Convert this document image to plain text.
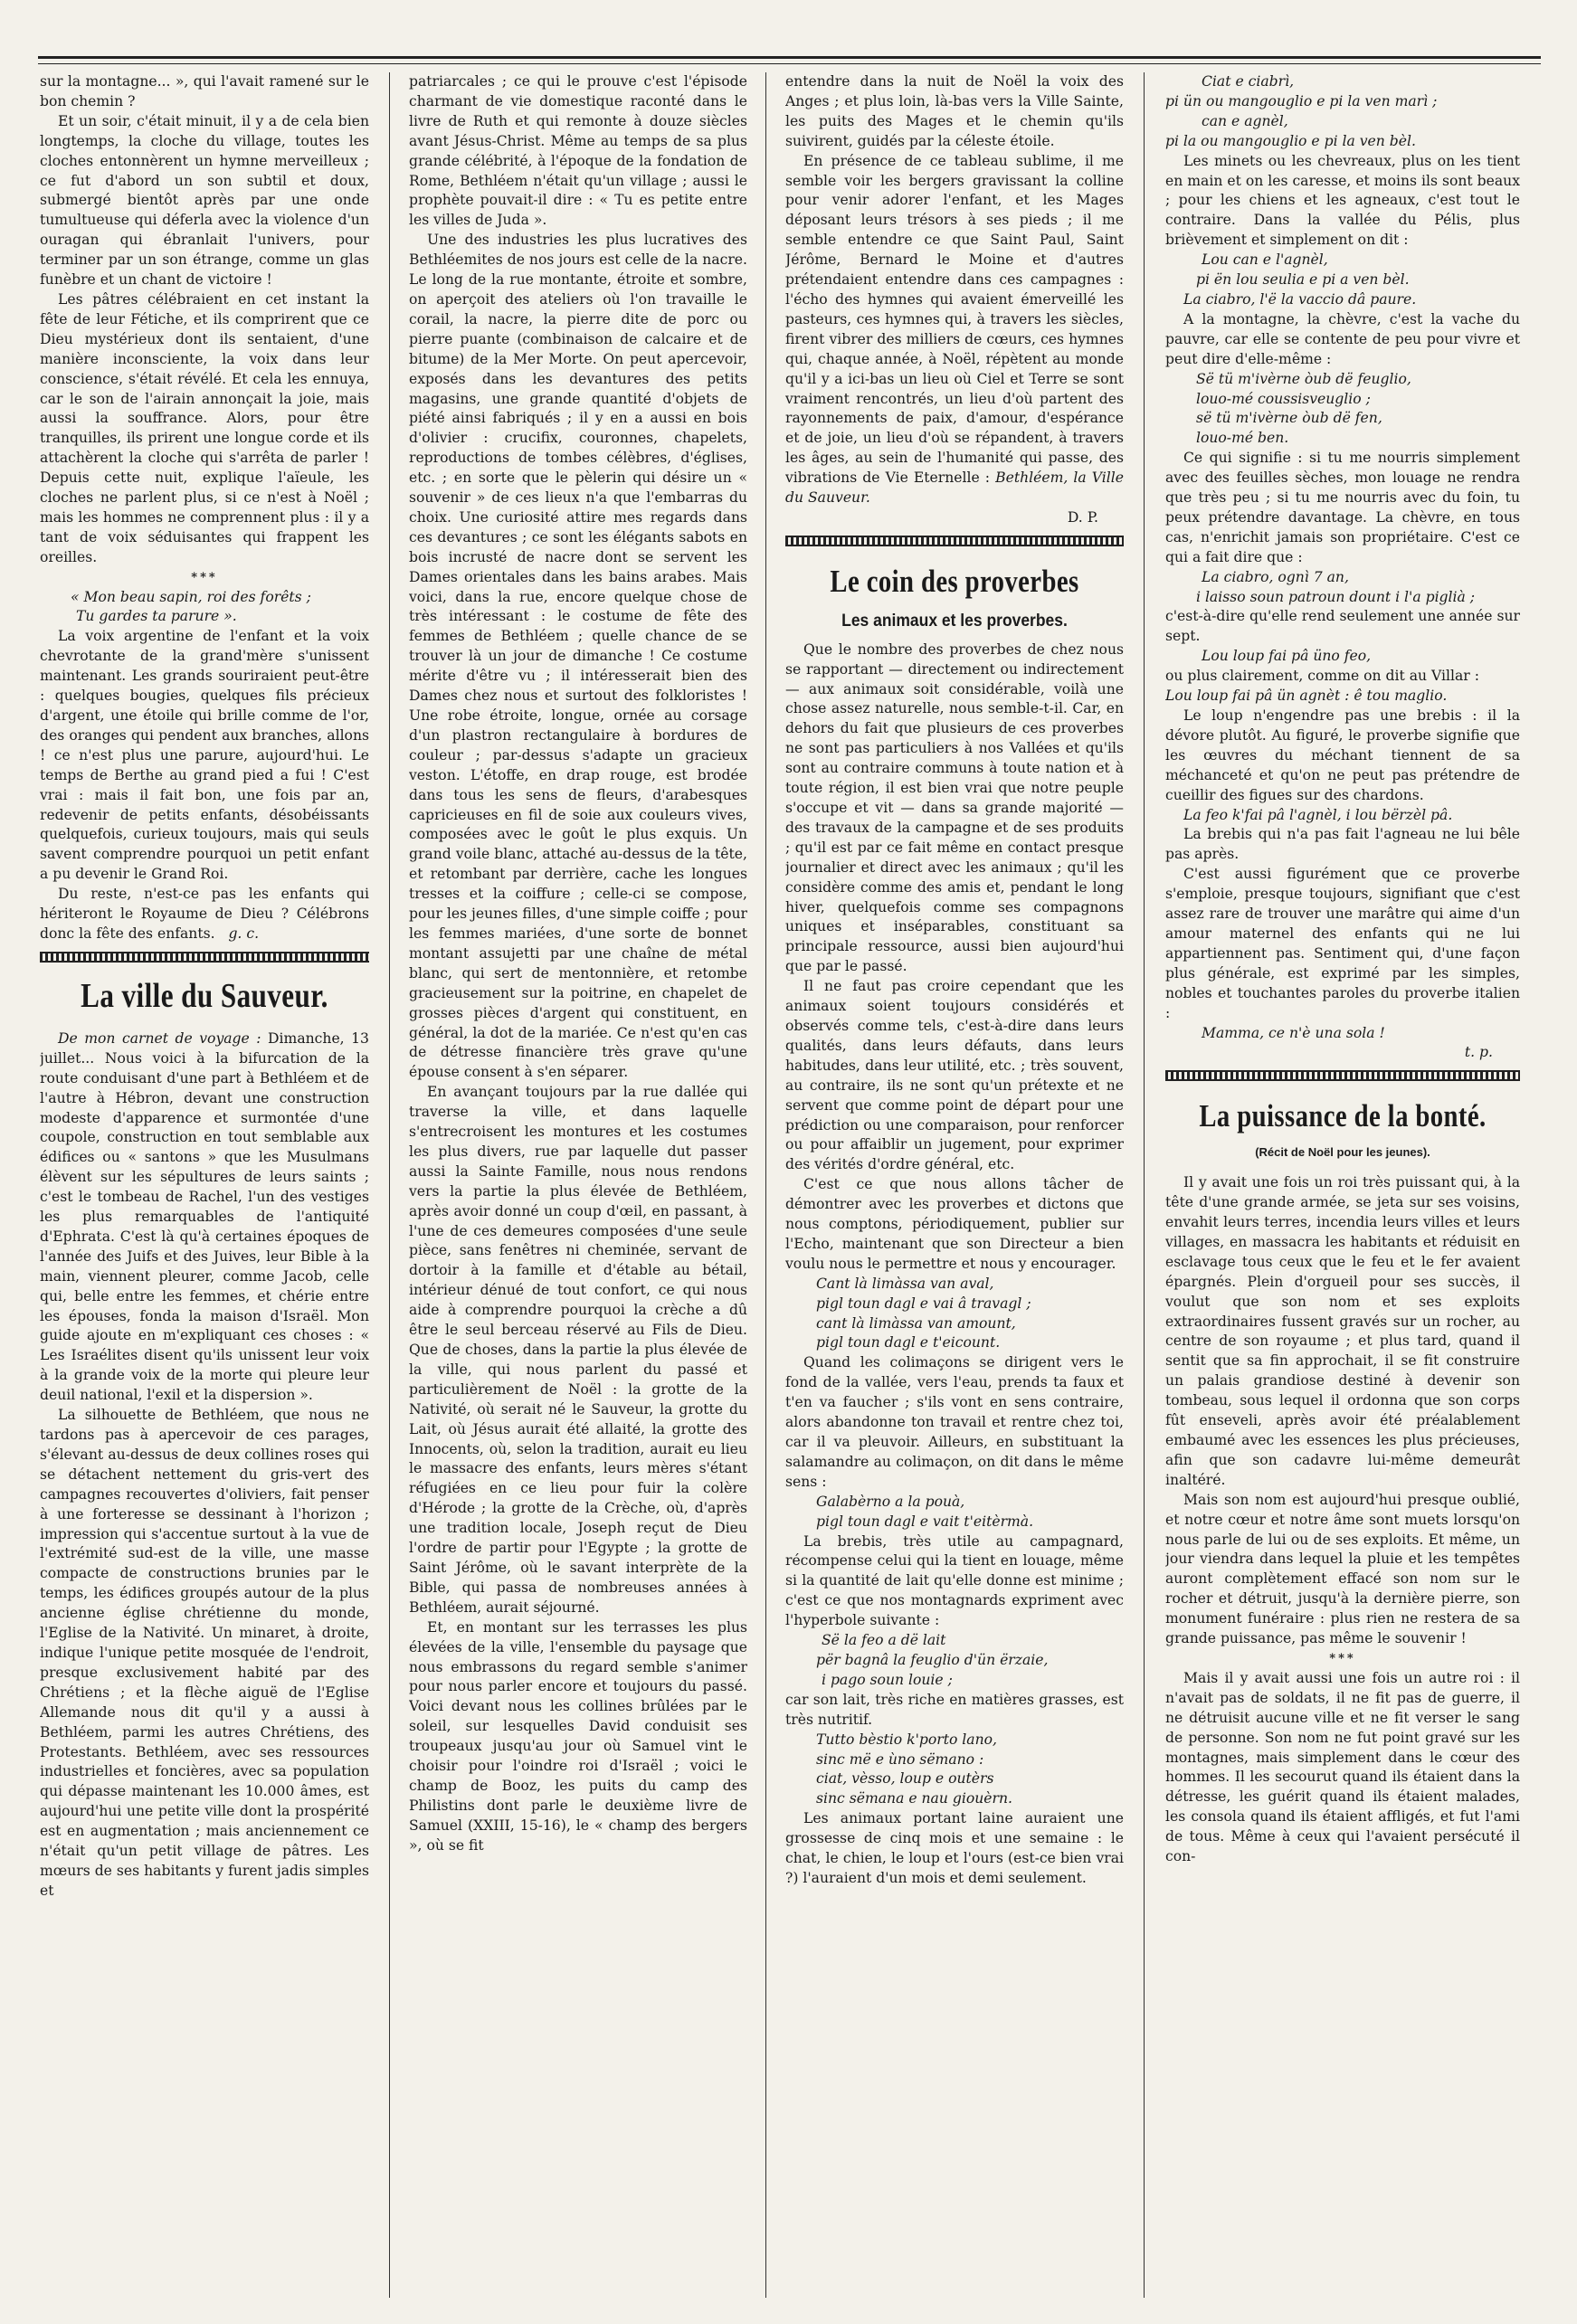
sur la montagne... », qui l'avait ramené sur le bon chemin ?

Et un soir, c'était minuit, il y a de cela bien longtemps, la cloche du village, toutes les cloches entonnèrent un hymne merveilleux ; ce fut d'abord un son subtil et doux, submergé bientôt après par une onde tumultueuse qui déferla avec la violence d'un ouragan qui ébranlait l'univers, pour terminer par un son étrange, comme un glas funèbre et un chant de victoire !

Les pâtres célébraient en cet instant la fête de leur Fétiche, et ils comprirent que ce Dieu mystérieux dont ils sentaient, d'une manière inconsciente, la voix dans leur conscience, s'était révélé. Et cela les ennuya, car le son de l'airain annonçait la joie, mais aussi la souffrance. Alors, pour être tranquilles, ils prirent une longue corde et ils attachèrent la cloche qui s'arrêta de parler ! Depuis cette nuit, explique l'aïeule, les cloches ne parlent plus, si ce n'est à Noël ; mais les hommes ne comprennent plus : il y a tant de voix séduisantes qui frappent les oreilles.

***

« Mon beau sapin, roi des forêts ;

Tu gardes ta parure ».

La voix argentine de l'enfant et la voix chevrotante de la grand'mère s'unissent maintenant. Les grands souriraient peut-être : quelques bougies, quelques fils précieux d'argent, une étoile qui brille comme de l'or, des oranges qui pendent aux branches, allons ! ce n'est plus une parure, aujourd'hui. Le temps de Berthe au grand pied a fui ! C'est vrai : mais il fait bon, une fois par an, redevenir de petits enfants, désobéissants quelquefois, curieux toujours, mais qui seuls savent comprendre pourquoi un petit enfant a pu devenir le Grand Roi.

Du reste, n'est-ce pas les enfants qui hériteront le Royaume de Dieu ? Célébrons donc la fête des enfants. g. c.

La ville du Sauveur.

De mon carnet de voyage : Dimanche, 13 juillet... Nous voici à la bifurcation de la route conduisant d'une part à Bethléem et de l'autre à Hébron, devant une construction modeste d'apparence et surmontée d'une coupole, construction en tout semblable aux édifices ou « santons » que les Musulmans élèvent sur les sépultures de leurs saints ; c'est le tombeau de Rachel, l'un des vestiges les plus remarquables de l'antiquité d'Ephrata. C'est là qu'à certaines époques de l'année des Juifs et des Juives, leur Bible à la main, viennent pleurer, comme Jacob, celle qui, belle entre les femmes, et chérie entre les épouses, fonda la maison d'Israël. Mon guide ajoute en m'expliquant ces choses : « Les Israélites disent qu'ils unissent leur voix à la grande voix de la morte qui pleure leur deuil national, l'exil et la dispersion ».

La silhouette de Bethléem, que nous ne tardons pas à apercevoir de ces parages, s'élevant au-dessus de deux collines roses qui se détachent nettement du gris-vert des campagnes recouvertes d'oliviers, fait penser à une forteresse se dessinant à l'horizon ; impression qui s'accentue surtout à la vue de l'extrémité sud-est de la ville, une masse compacte de constructions brunies par le temps, les édifices groupés autour de la plus ancienne église chrétienne du monde, l'Eglise de la Nativité. Un minaret, à droite, indique l'unique petite mosquée de l'endroit, presque exclusivement habité par des Chrétiens ; et la flèche aiguë de l'Eglise Allemande nous dit qu'il y a aussi à Bethléem, parmi les autres Chrétiens, des Protestants. Bethléem, avec ses ressources industrielles et foncières, avec sa population qui dépasse maintenant les 10.000 âmes, est aujourd'hui une petite ville dont la prospérité est en augmentation ; mais anciennement ce n'était qu'un petit village de pâtres. Les mœurs de ses habitants y furent jadis simples et

patriarcales ; ce qui le prouve c'est l'épisode charmant de vie domestique raconté dans le livre de Ruth et qui remonte à douze siècles avant Jésus-Christ. Même au temps de sa plus grande célébrité, à l'époque de la fondation de Rome, Bethléem n'était qu'un village ; aussi le prophète pouvait-il dire : « Tu es petite entre les villes de Juda ».

Une des industries les plus lucratives des Bethléemites de nos jours est celle de la nacre. Le long de la rue montante, étroite et sombre, on aperçoit des ateliers où l'on travaille le corail, la nacre, la pierre dite de porc ou pierre puante (combinaison de calcaire et de bitume) de la Mer Morte. On peut apercevoir, exposés dans les devantures des petits magasins, une grande quantité d'objets de piété ainsi fabriqués ; il y en a aussi en bois d'olivier : crucifix, couronnes, chapelets, reproductions de tombes célèbres, d'églises, etc. ; en sorte que le pèlerin qui désire un « souvenir » de ces lieux n'a que l'embarras du choix. Une curiosité attire mes regards dans ces devantures ; ce sont les élégants sabots en bois incrusté de nacre dont se servent les Dames orientales dans les bains arabes. Mais voici, dans la rue, encore quelque chose de très intéressant : le costume de fête des femmes de Bethléem ; quelle chance de se trouver là un jour de dimanche ! Ce costume mérite d'être vu ; il intéresserait bien des Dames chez nous et surtout des folkloristes ! Une robe étroite, longue, ornée au corsage d'un plastron rectangulaire à bordures de couleur ; par-dessus s'adapte un gracieux veston. L'étoffe, en drap rouge, est brodée dans tous les sens de fleurs, d'arabesques capricieuses en fil de soie aux couleurs vives, composées avec le goût le plus exquis. Un grand voile blanc, attaché au-dessus de la tête, et retombant par derrière, cache les longues tresses et la coiffure ; celle-ci se compose, pour les jeunes filles, d'une simple coiffe ; pour les femmes mariées, d'une sorte de bonnet montant assujetti par une chaîne de métal blanc, qui sert de mentonnière, et retombe gracieusement sur la poitrine, en chapelet de grosses pièces d'argent qui constituent, en général, la dot de la mariée. Ce n'est qu'en cas de détresse financière très grave qu'une épouse consent à s'en séparer.

En avançant toujours par la rue dallée qui traverse la ville, et dans laquelle s'entrecroisent les montures et les costumes les plus divers, rue par laquelle dut passer aussi la Sainte Famille, nous nous rendons vers la partie la plus élevée de Bethléem, après avoir donné un coup d'œil, en passant, à l'une de ces demeures composées d'une seule pièce, sans fenêtres ni cheminée, servant de dortoir à la famille et d'étable au bétail, intérieur dénué de tout confort, ce qui nous aide à comprendre pourquoi la crèche a dû être le seul berceau réservé au Fils de Dieu. Que de choses, dans la partie la plus élevée de la ville, qui nous parlent du passé et particulièrement de Noël : la grotte de la Nativité, où serait né le Sauveur, la grotte du Lait, où Jésus aurait été allaité, la grotte des Innocents, où, selon la tradition, aurait eu lieu le massacre des enfants, leurs mères s'étant réfugiées en ce lieu pour fuir la colère d'Hérode ; la grotte de la Crèche, où, d'après une tradition locale, Joseph reçut de Dieu l'ordre de partir pour l'Egypte ; la grotte de Saint Jérôme, où le savant interprète de la Bible, qui passa de nombreuses années à Bethléem, aurait séjourné.

Et, en montant sur les terrasses les plus élevées de la ville, l'ensemble du paysage que nous embrassons du regard semble s'animer pour nous parler encore et toujours du passé. Voici devant nous les collines brûlées par le soleil, sur lesquelles David conduisit ses troupeaux jusqu'au jour où Samuel vint le choisir pour l'oindre roi d'Israël ; voici le champ de Booz, les puits du camp des Philistins dont parle le deuxième livre de Samuel (XXIII, 15-16), le « champ des bergers », où se fit

entendre dans la nuit de Noël la voix des Anges ; et plus loin, là-bas vers la Ville Sainte, les puits des Mages et le chemin qu'ils suivirent, guidés par la céleste étoile.

En présence de ce tableau sublime, il me semble voir les bergers gravissant la colline pour venir adorer l'enfant, et les Mages déposant leurs trésors à ses pieds ; il me semble entendre ce que Saint Paul, Saint Jérôme, Bernard le Moine et d'autres prétendaient entendre dans ces campagnes : l'écho des hymnes qui avaient émerveillé les pasteurs, ces hymnes qui, à travers les siècles, firent vibrer des milliers de cœurs, ces hymnes qui, chaque année, à Noël, répètent au monde qu'il y a ici-bas un lieu où Ciel et Terre se sont vraiment rencontrés, un lieu d'où partent des rayonnements de paix, d'amour, d'espérance et de joie, un lieu d'où se répandent, à travers les âges, au sein de l'humanité qui passe, des vibrations de Vie Eternelle : Bethléem, la Ville du Sauveur.

D. P.

Le coin des proverbes
Les animaux et les proverbes.

Que le nombre des proverbes de chez nous se rapportant — directement ou indirectement — aux animaux soit considérable, voilà une chose assez naturelle, nous semble-t-il. Car, en dehors du fait que plusieurs de ces proverbes ne sont pas particuliers à nos Vallées et qu'ils sont au contraire communs à toute nation et à toute région, il est bien vrai que notre peuple s'occupe et vit — dans sa grande majorité — des travaux de la campagne et de ses produits ; qu'il est par ce fait même en contact presque journalier et direct avec les animaux ; qu'il les considère comme des amis et, pendant le long hiver, quelquefois comme ses compagnons uniques et inséparables, constituant sa principale ressource, aussi bien aujourd'hui que par le passé.

Il ne faut pas croire cependant que les animaux soient toujours considérés et observés comme tels, c'est-à-dire dans leurs qualités, dans leurs défauts, dans leurs habitudes, dans leur utilité, etc. ; très souvent, au contraire, ils ne sont qu'un prétexte et ne servent que comme point de départ pour une prédiction ou une comparaison, pour renforcer ou pour affaiblir un jugement, pour exprimer des vérités d'ordre général, etc.

C'est ce que nous allons tâcher de démontrer avec les proverbes et dictons que nous comptons, périodiquement, publier sur l'Echo, maintenant que son Directeur a bien voulu nous le permettre et nous y encourager.

Cant là limàssa van aval,

pigl toun dagl e vai â travagl ;

cant là limàssa van amount,

pigl toun dagl e t'eicount.

Quand les colimaçons se dirigent vers le fond de la vallée, vers l'eau, prends ta faux et t'en va faucher ; s'ils vont en sens contraire, alors abandonne ton travail et rentre chez toi, car il va pleuvoir. Ailleurs, en substituant la salamandre au colimaçon, on dit dans le même sens :

Galabèrno a la pouà,

pigl toun dagl e vait t'eitèrmà.

La brebis, très utile au campagnard, récompense celui qui la tient en louage, même si la quantité de lait qu'elle donne est minime ; c'est ce que nos montagnards expriment avec l'hyperbole suivante :

Së la feo a dë lait

për bagnâ la feuglio d'ün ërzaie,

i pago soun louie ;

car son lait, très riche en matières grasses, est très nutritif.

Tutto bèstio k'porto lano,

sinc më e ùno sëmano :

ciat, vèsso, loup e outèrs

sinc sëmana e nau giouèrn.

Les animaux portant laine auraient une grossesse de cinq mois et une semaine : le chat, le chien, le loup et l'ours (est-ce bien vrai ?) l'auraient d'un mois et demi seulement.

Ciat e ciabrì,

pi ün ou mangouglio e pi la ven marì ;

can e agnèl,

pi la ou mangouglio e pi la ven bèl.

Les minets ou les chevreaux, plus on les tient en main et on les caresse, et moins ils sont beaux ; pour les chiens et les agneaux, c'est tout le contraire. Dans la vallée du Pélis, plus brièvement et simplement on dit :

Lou can e l'agnèl,

pi ën lou seulia e pi a ven bèl.

La ciabro, l'ë la vaccio dâ paure.

A la montagne, la chèvre, c'est la vache du pauvre, car elle se contente de peu pour vivre et peut dire d'elle-même :

Së tü m'ivèrne òub dë feuglio,

louo-mé coussisveuglio ;

së tü m'ivèrne òub dë fen,

louo-mé ben.

Ce qui signifie : si tu me nourris simplement avec des feuilles sèches, mon louage ne rendra que très peu ; si tu me nourris avec du foin, tu peux prétendre davantage. La chèvre, en tous cas, n'enrichit jamais son propriétaire. C'est ce qui a fait dire que :

La ciabro, ognì 7 an,

i laisso soun patroun dount i l'a piglià ;

c'est-à-dire qu'elle rend seulement une année sur sept.

Lou loup fai pâ üno feo,

ou plus clairement, comme on dit au Villar :

Lou loup fai pâ ün agnèt : ê tou maglio.

Le loup n'engendre pas une brebis : il la dévore plutôt. Au figuré, le proverbe signifie que les œuvres du méchant tiennent de sa méchanceté et qu'on ne peut pas prétendre de cueillir des figues sur des chardons.

La feo k'fai pâ l'agnèl, i lou bërzèl pâ.

La brebis qui n'a pas fait l'agneau ne lui bêle pas après.

C'est aussi figurément que ce proverbe s'emploie, presque toujours, signifiant que c'est assez rare de trouver une marâtre qui aime d'un amour maternel des enfants qui ne lui appartiennent pas. Sentiment qui, d'une façon plus générale, est exprimé par les simples, nobles et touchantes paroles du proverbe italien :

Mamma, ce n'è una sola !

t. p.

La puissance de la bonté.
(Récit de Noël pour les jeunes).

Il y avait une fois un roi très puissant qui, à la tête d'une grande armée, se jeta sur ses voisins, envahit leurs terres, incendia leurs villes et leurs villages, en massacra les habitants et réduisit en esclavage tous ceux que le feu et le fer avaient épargnés. Plein d'orgueil pour ses succès, il voulut que son nom et ses exploits extraordinaires fussent gravés sur un rocher, au centre de son royaume ; et plus tard, quand il sentit que sa fin approchait, il se fit construire un palais grandiose destiné à devenir son tombeau, sous lequel il ordonna que son corps fût enseveli, après avoir été préalablement embaumé avec les essences les plus précieuses, afin que son cadavre lui-même demeurât inaltéré.

Mais son nom est aujourd'hui presque oublié, et notre cœur et notre âme sont muets lorsqu'on nous parle de lui ou de ses exploits. Et même, un jour viendra dans lequel la pluie et les tempêtes auront complètement effacé son nom sur le rocher et détruit, jusqu'à la dernière pierre, son monument funéraire : plus rien ne restera de sa grande puissance, pas même le souvenir !

***

Mais il y avait aussi une fois un autre roi : il n'avait pas de soldats, il ne fit pas de guerre, il ne détruisit aucune ville et ne fit verser le sang de personne. Son nom ne fut point gravé sur les montagnes, mais simplement dans le cœur des hommes. Il les secourut quand ils étaient dans la détresse, les guérit quand ils étaient malades, les consola quand ils étaient affligés, et fut l'ami de tous. Même à ceux qui l'avaient persécuté il con-
